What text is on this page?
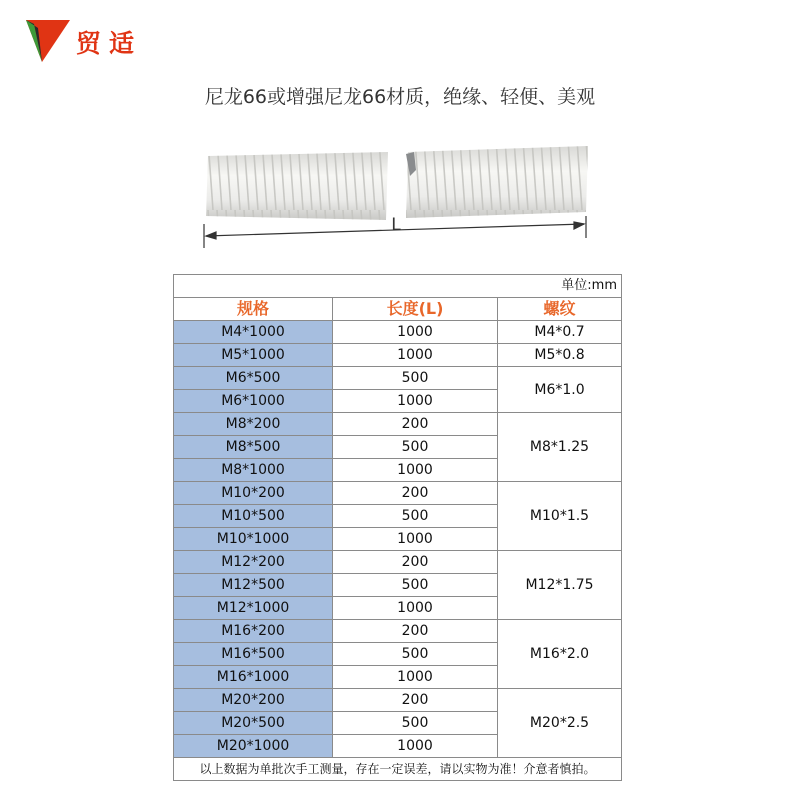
贸适
尼龙66或增强尼龙66材质，绝缘、轻便、美观
L
单位:mm		
规格	长度(L)	螺纹
M4*1000	1000	M4*0.7
M5*1000	1000	M5*0.8
M6*500	500	M6*1.0
M6*1000	1000	
M8*200	200	M8*1.25
M8*500	500	
M8*1000	1000	
M10*200	200	M10*1.5
M10*500	500	
M10*1000	1000	
M12*200	200	M12*1.75
M12*500	500	
M12*1000	1000	
M16*200	200	M16*2.0
M16*500	500	
M16*1000	1000	
M20*200	200	M20*2.5
M20*500	500	
M20*1000	1000	
以上数据为单批次手工测量，存在一定误差，请以实物为准！介意者慎拍。		
